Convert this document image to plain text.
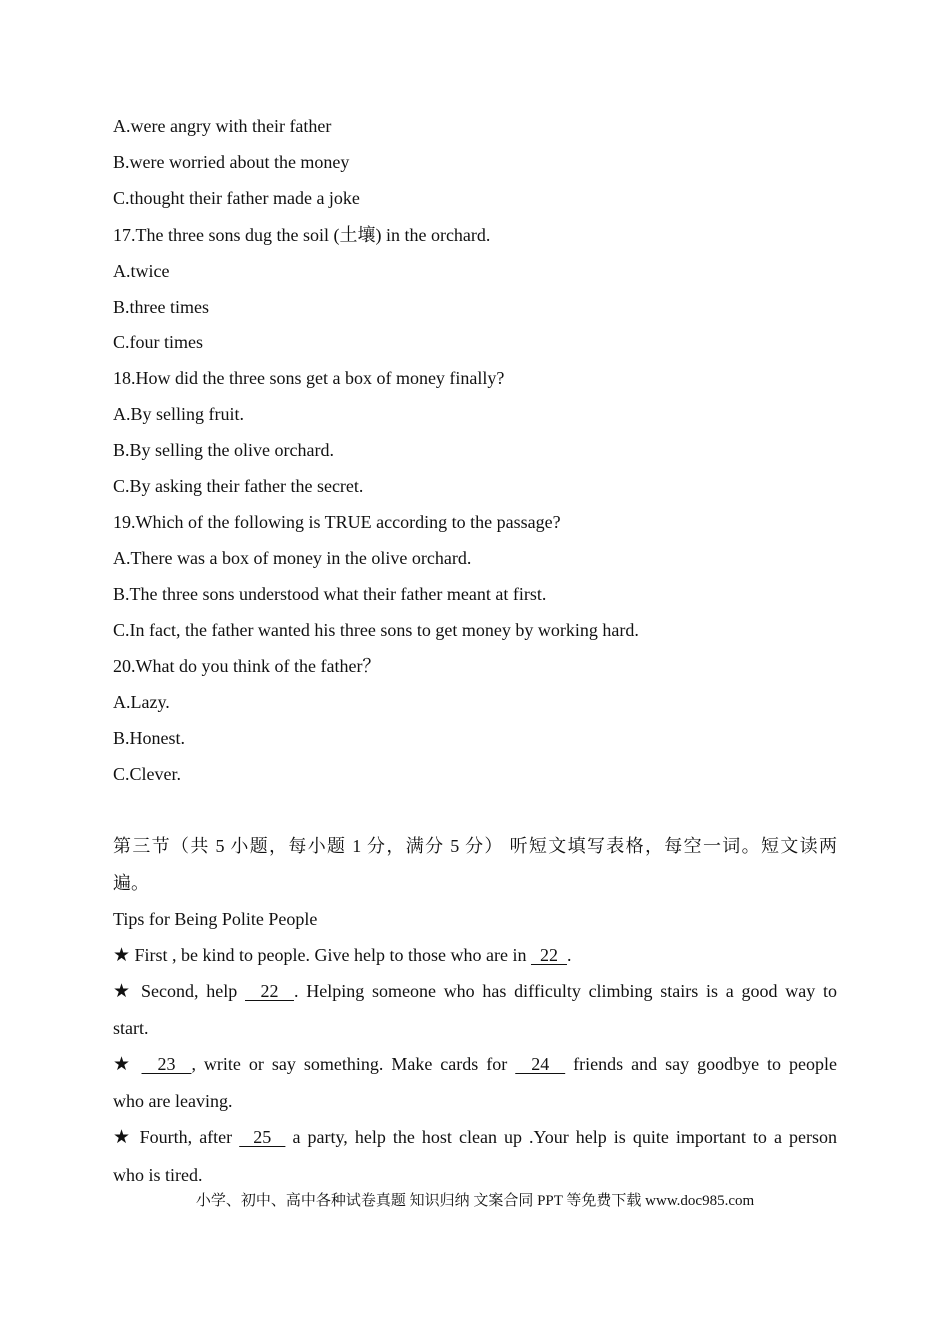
A.were angry with their father
B.were worried about the money
C.thought their father made a joke
17.The three sons dug the soil (土壤) in the orchard.
A.twice
B.three times
C.four times
18.How did the three sons get a box of money finally?
A.By selling fruit.
B.By selling the olive orchard.
C.By asking their father the secret.
19.Which of the following is TRUE according to the passage?
A.There was a box of money in the olive orchard.
B.The three sons understood what their father meant at first.
C.In fact, the father wanted his three sons to get money by working hard.
20.What do you think of the father？
A.Lazy.
B.Honest.
C.Clever.
第三节（共 5 小题，每小题 1 分，满分 5 分） 听短文填写表格，每空一词。短文读两
遍。
Tips for Being Polite People
★ First , be kind to people. Give help to those who are in   22  .
★ Second, help   22  . Helping someone who has difficulty climbing stairs is a good way to
start.
★   23  , write or say something. Make cards for   24   friends and say goodbye to people
who are leaving.
★ Fourth, after   25   a party, help the host clean up .Your help is quite important to a person
who is tired.
小学、初中、高中各种试卷真题 知识归纳 文案合同 PPT 等免费下载 www.doc985.com
